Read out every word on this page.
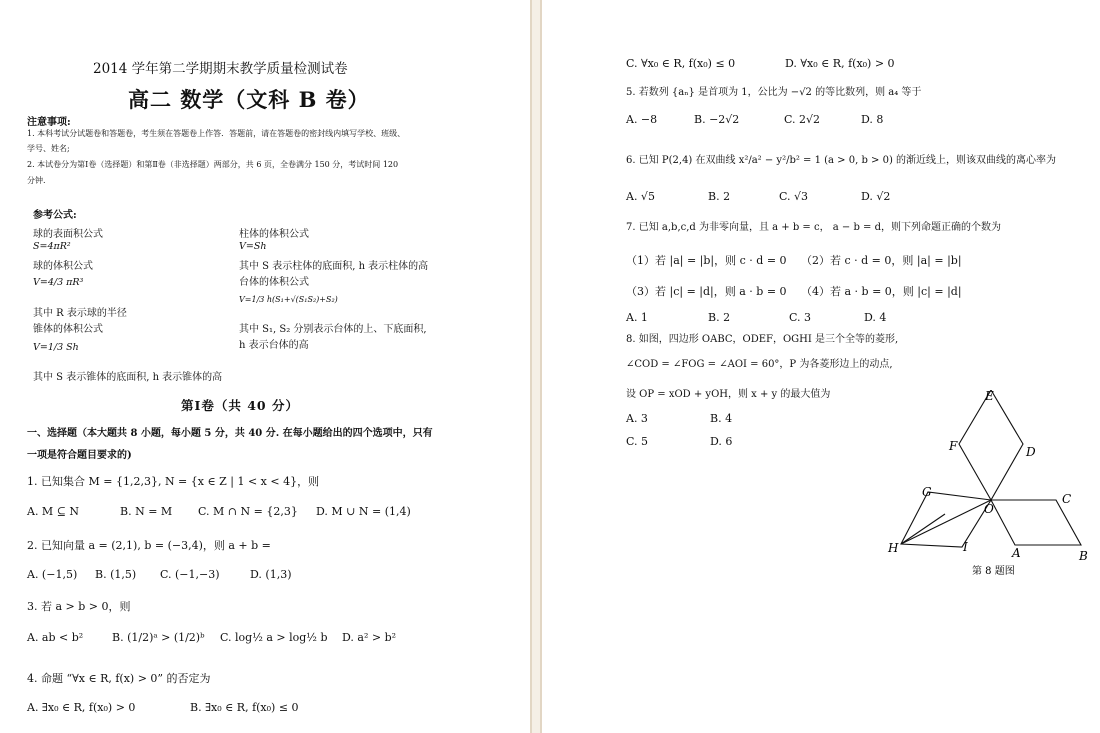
2014 学年第二学期期末教学质量检测试卷
高二 数学（文科 B 卷）
注意事项:
1. 本科考试分试题卷和答题卷，考生须在答题卷上作答．答题前，请在答题卷的密封线内填写学校、班级、
学号、姓名;
2. 本试卷分为第Ⅰ卷（选择题）和第Ⅱ卷（非选择题）两部分，共 6 页，全卷满分 150 分，考试时间 120
分钟.
参考公式:
球的表面积公式
S=4πR²
球的体积公式
V=4/3 πR³
其中 R 表示球的半径
锥体的体积公式
V=1/3 Sh
其中 S 表示锥体的底面积, h 表示锥体的高
柱体的体积公式
V=Sh
其中 S 表示柱体的底面积, h 表示柱体的高
台体的体积公式
V=1/3 h(S₁+√(S₁S₂)+S₂)
其中 S₁, S₂ 分别表示台体的上、下底面积,
h 表示台体的高
第Ⅰ卷（共 40 分）
一、选择题（本大题共 8 小题，每小题 5 分，共 40 分. 在每小题给出的四个选项中，只有
一项是符合题目要求的)
1. 已知集合 M = {1,2,3}, N = {x ∈ Z | 1 < x < 4}，则
A. M ⊆ N	B. N = M C. M ∩ N = {2,3} D. M ∪ N = (1,4)
2. 已知向量 a = (2,1), b = (−3,4)，则 a + b =
A. (−1,5) B. (1,5) C. (−1,−3)	D. (1,3)
3. 若 a > b > 0，则
A. ab < b²	B. (1/2)ᵃ > (1/2)ᵇ C. log½ a > log½ b D. a² > b²
4. 命题 “∀x ∈ R, f(x) > 0” 的否定为
A. ∃x₀ ∈ R, f(x₀) > 0	B. ∃x₀ ∈ R, f(x₀) ≤ 0
C. ∀x₀ ∈ R, f(x₀) ≤ 0	D. ∀x₀ ∈ R, f(x₀) > 0
5. 若数列 {aₙ} 是首项为 1，公比为 −√2 的等比数列，则 a₄ 等于
A. −8	B. −2√2	C. 2√2	D. 8
6. 已知 P(2,4) 在双曲线 x²/a² − y²/b² = 1 (a > 0, b > 0) 的渐近线上，则该双曲线的离心率为
A. √5	B. 2	C. √3	D. √2
7. 已知 a,b,c,d 为非零向量，且 a + b = c， a − b = d，则下列命题正确的个数为
（1）若 |a| = |b|，则 c · d = 0 （2）若 c · d = 0，则 |a| = |b|
（3）若 |c| = |d|，则 a · b = 0 （4）若 a · b = 0，则 |c| = |d|
A. 1	B. 2	C. 3	D. 4
8. 如图，四边形 OABC，ODEF，OGHI 是三个全等的菱形,
∠COD = ∠FOG = ∠AOI = 60°，P 为各菱形边上的动点,
设 OP = xOD + yOH，则 x + y 的最大值为
A. 3	B. 4
C. 5	D. 6
O
E
F	D
G	C
H	I	A	B
第 8 题图
